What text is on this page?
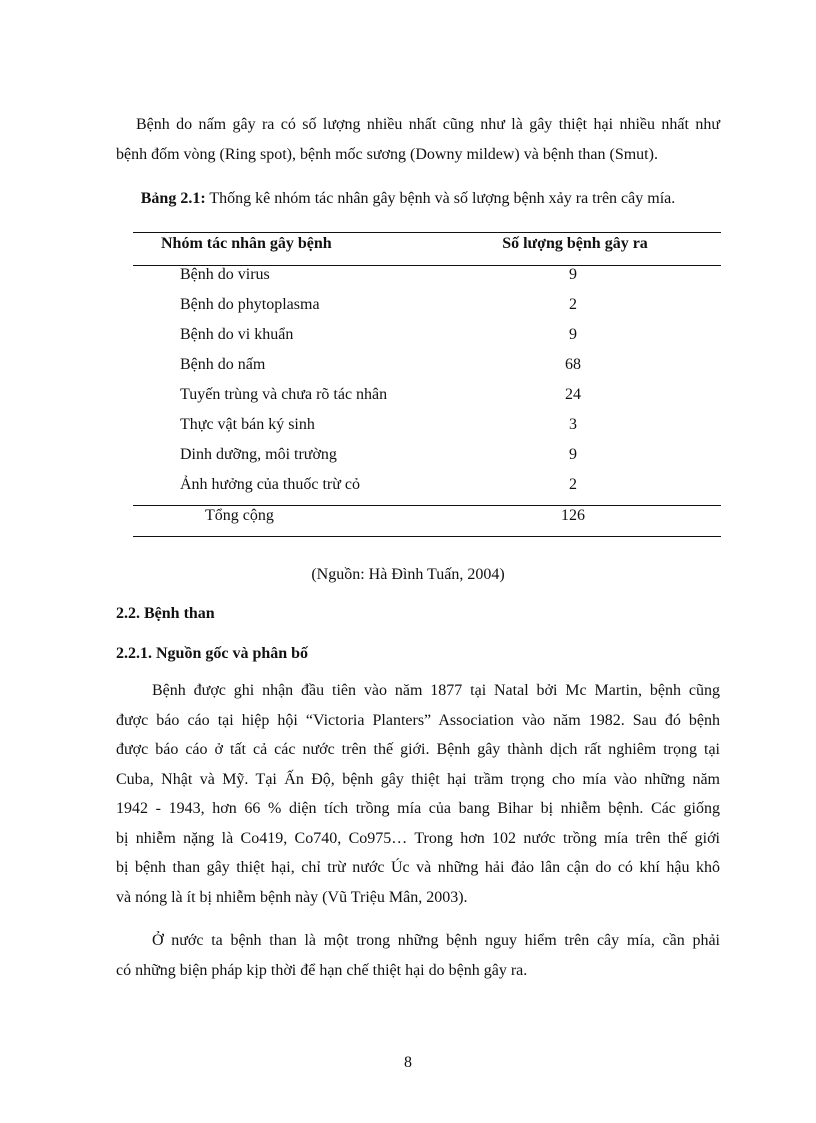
Bệnh do nấm gây ra có số lượng nhiều nhất cũng như là gây thiệt hại nhiều nhất như
bệnh đốm vòng (Ring spot), bệnh mốc sương (Downy mildew) và bệnh than (Smut).

Bảng 2.1: Thống kê nhóm tác nhân gây bệnh và số lượng bệnh xảy ra trên cây mía.

Nhóm tác nhân gây bệnh	Số lượng bệnh gây ra
Bệnh do virus	9
Bệnh do phytoplasma	2
Bệnh do vi khuẩn	9
Bệnh do nấm	68
Tuyến trùng và chưa rõ tác nhân	24
Thực vật bán ký sinh	3
Dinh dưỡng, môi trường	9
Ảnh hưởng của thuốc trừ cỏ	2
Tổng cộng	126

(Nguồn: Hà Đình Tuấn, 2004)

2.2. Bệnh than

2.2.1. Nguồn gốc và phân bố

Bệnh được ghi nhận đầu tiên vào năm 1877 tại Natal bởi Mc Martin, bệnh cũng
được báo cáo tại hiệp hội “Victoria Planters” Association vào năm 1982. Sau đó bệnh
được báo cáo ở tất cả các nước trên thế giới. Bệnh gây thành dịch rất nghiêm trọng tại
Cuba, Nhật và Mỹ. Tại Ấn Độ, bệnh gây thiệt hại trầm trọng cho mía vào những năm
1942 - 1943, hơn 66 % diện tích trồng mía của bang Bihar bị nhiễm bệnh. Các giống
bị nhiễm nặng là Co419, Co740, Co975… Trong hơn 102 nước trồng mía trên thế giới
bị bệnh than gây thiệt hại, chỉ trừ nước Úc và những hải đảo lân cận do có khí hậu khô
và nóng là ít bị nhiễm bệnh này (Vũ Triệu Mân, 2003).

Ở nước ta bệnh than là một trong những bệnh nguy hiểm trên cây mía, cần phải
có những biện pháp kịp thời để hạn chế thiệt hại do bệnh gây ra.

8
